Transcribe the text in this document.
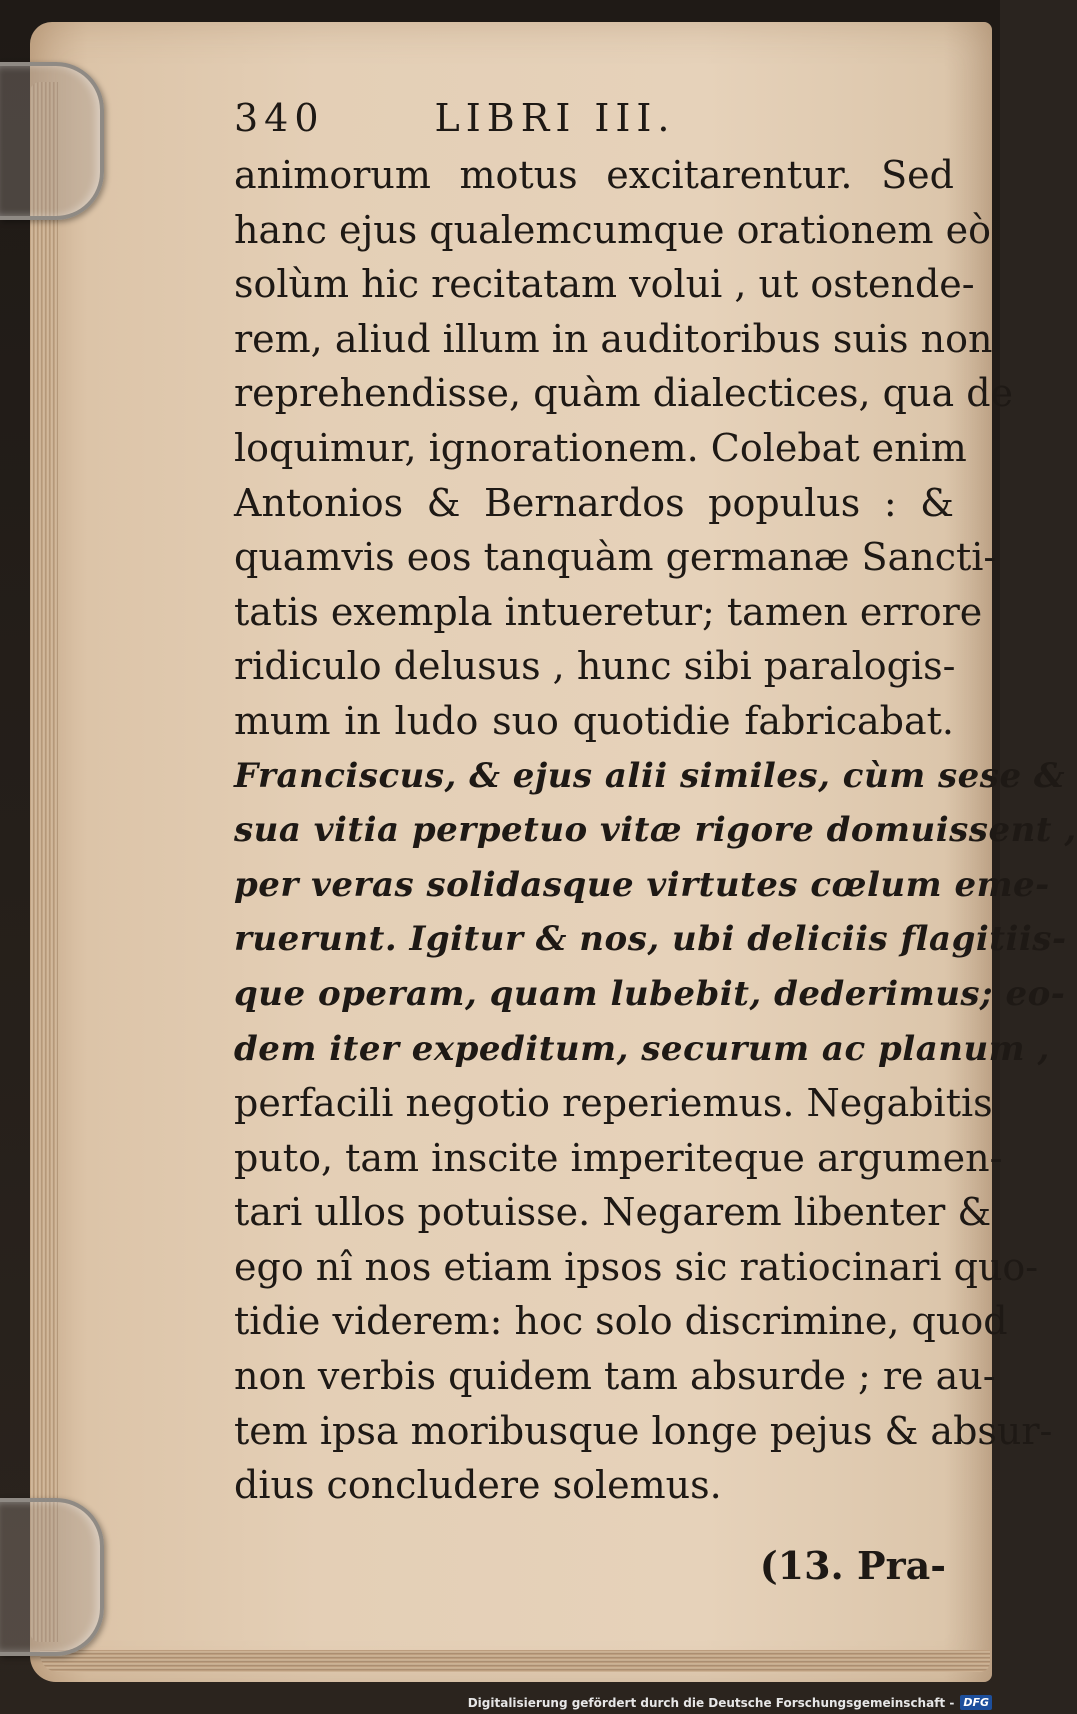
340	LIBRI III.
animorum motus excitarentur. Sed
hanc ejus qualemcumque orationem eò
solùm hic recitatam volui , ut ostende-
rem, aliud illum in auditoribus suis non
reprehendisse, quàm dialectices, qua de
loquimur, ignorationem. Colebat enim
Antonios & Bernardos populus : &
quamvis eos tanquàm germanæ Sancti-
tatis exempla intueretur; tamen errore
ridiculo delusus , hunc sibi paralogis-
mum in ludo suo quotidie fabricabat.
Franciscus, & ejus alii similes, cùm sese &
sua vitia perpetuo vitæ rigore domuissent ,
per veras solidasque virtutes cœlum eme-
ruerunt. Igitur & nos, ubi deliciis flagitiis-
que operam, quam lubebit, dederimus; eo-
dem iter expeditum, securum ac planum ,
perfacili negotio reperiemus. Negabitis
puto, tam inscite imperiteque argumen-
tari ullos potuisse. Negarem libenter &
ego nî nos etiam ipsos sic ratiocinari quo-
tidie viderem: hoc solo discrimine, quod
non verbis quidem tam absurde ; re au-
tem ipsa moribusque longe pejus & absur-
dius concludere solemus.
(13. Pra-
Digitalisierung gefördert durch die Deutsche Forschungsgemeinschaft - DFG
